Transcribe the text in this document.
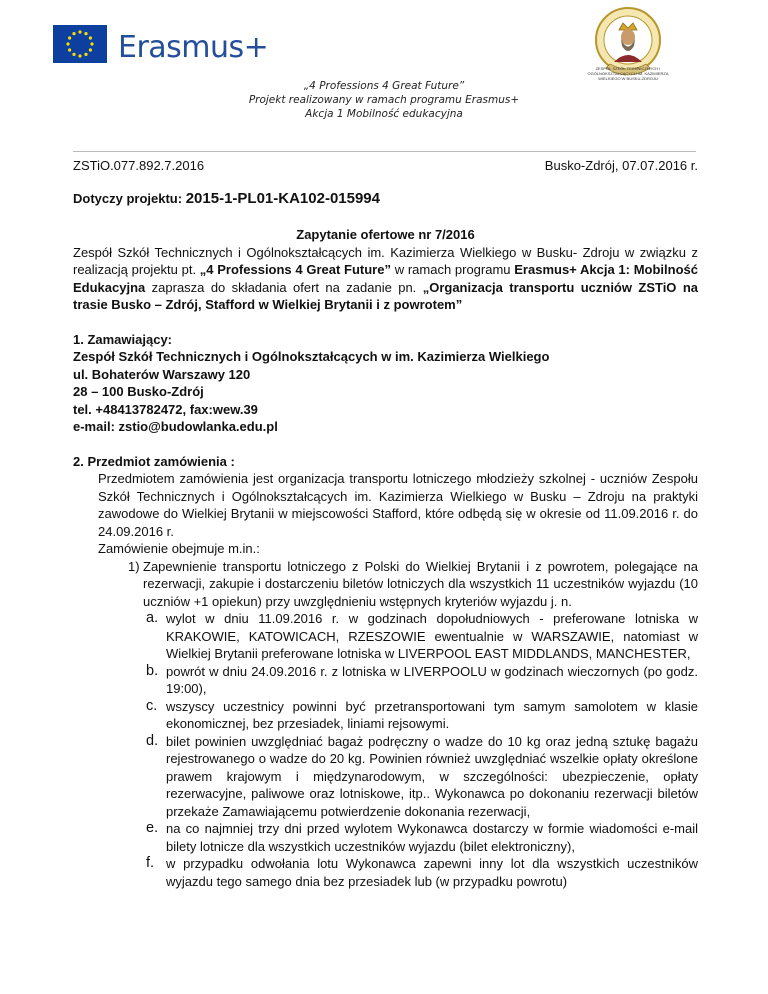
Erasmus+
ZESPÓŁ SZKÓŁ TECHNICZNYCH I OGÓLNOKSZTAŁCĄCYCH IM. KAZIMIERZA WIELKIEGO W BUSKU-ZDROJU
„4 Professions 4 Great Future”
Projekt realizowany w ramach programu Erasmus+
Akcja 1 Mobilność edukacyjna
ZSTiO.077.892.7.2016	Busko-Zdrój, 07.07.2016 r.
Dotyczy projektu: 2015-1-PL01-KA102-015994
Zapytanie ofertowe nr 7/2016
Zespół Szkół Technicznych i Ogólnokształcących im. Kazimierza Wielkiego w Busku- Zdroju w związku z realizacją projektu pt. „4 Professions 4 Great Future” w ramach programu Erasmus+ Akcja 1: Mobilność Edukacyjna zaprasza do składania ofert na zadanie pn. „Organizacja transportu uczniów ZSTiO na trasie Busko – Zdrój, Stafford w Wielkiej Brytanii i z powrotem”
1. Zamawiający:
Zespół Szkół Technicznych i Ogólnokształcących w im. Kazimierza Wielkiego
ul. Bohaterów Warszawy 120
28 – 100 Busko-Zdrój
tel. +48413782472, fax:wew.39
e-mail: zstio@budowlanka.edu.pl
2. Przedmiot zamówienia :
Przedmiotem zamówienia jest organizacja transportu lotniczego młodzieży szkolnej - uczniów Zespołu Szkół Technicznych i Ogólnokształcących im. Kazimierza Wielkiego w Busku – Zdroju na praktyki zawodowe do Wielkiej Brytanii w miejscowości Stafford, które odbędą się w okresie od 11.09.2016 r. do 24.09.2016 r.
Zamówienie obejmuje m.in.:
1) Zapewnienie transportu lotniczego z Polski do Wielkiej Brytanii i z powrotem, polegające na rezerwacji, zakupie i dostarczeniu biletów lotniczych dla wszystkich 11 uczestników wyjazdu (10 uczniów +1 opiekun) przy uwzględnieniu wstępnych kryteriów wyjazdu j. n.
a. wylot w dniu 11.09.2016 r. w godzinach dopołudniowych - preferowane lotniska w KRAKOWIE, KATOWICACH, RZESZOWIE ewentualnie w WARSZAWIE, natomiast w Wielkiej Brytanii preferowane lotniska w LIVERPOOL EAST MIDDLANDS, MANCHESTER,
b. powrót w dniu 24.09.2016 r. z lotniska w LIVERPOOLU w godzinach wieczornych (po godz. 19:00),
c. wszyscy uczestnicy powinni być przetransportowani tym samym samolotem w klasie ekonomicznej, bez przesiadek, liniami rejsowymi.
d. bilet powinien uwzględniać bagaż podręczny o wadze do 10 kg oraz jedną sztukę bagażu rejestrowanego o wadze do 20 kg. Powinien również uwzględniać wszelkie opłaty określone prawem krajowym i międzynarodowym, w szczególności: ubezpieczenie, opłaty rezerwacyjne, paliwowe oraz lotniskowe, itp.. Wykonawca po dokonaniu rezerwacji biletów przekaże Zamawiającemu potwierdzenie dokonania rezerwacji,
e. na co najmniej trzy dni przed wylotem Wykonawca dostarczy w formie wiadomości e-mail bilety lotnicze dla wszystkich uczestników wyjazdu (bilet elektroniczny),
f. w przypadku odwołania lotu Wykonawca zapewni inny lot dla wszystkich uczestników wyjazdu tego samego dnia bez przesiadek lub (w przypadku powrotu)
